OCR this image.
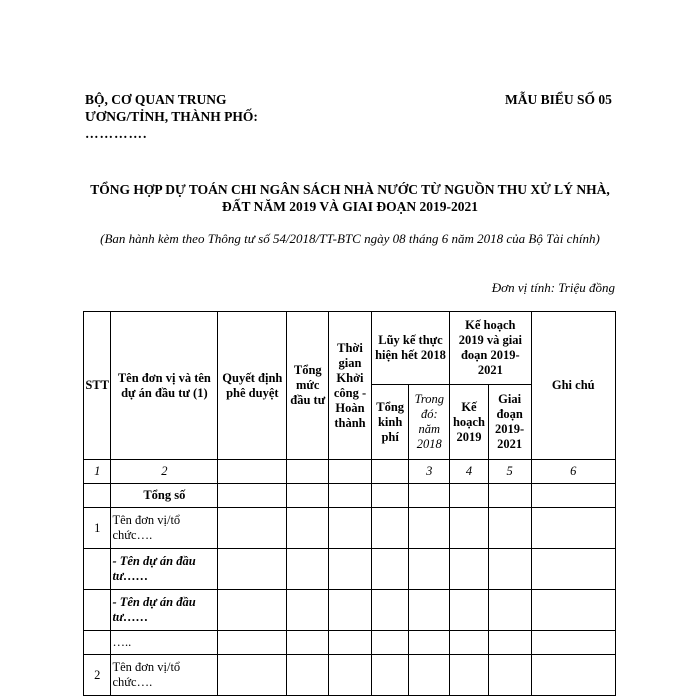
BỘ, CƠ QUAN TRUNG
ƯƠNG/TỈNH, THÀNH PHỐ:
………….
MẪU BIỂU SỐ 05
TỔNG HỢP DỰ TOÁN CHI NGÂN SÁCH NHÀ NƯỚC TỪ NGUỒN THU XỬ LÝ NHÀ, ĐẤT NĂM 2019 VÀ GIAI ĐOẠN 2019-2021
(Ban hành kèm theo Thông tư số 54/2018/TT-BTC ngày 08 tháng 6 năm 2018 của Bộ Tài chính)
Đơn vị tính: Triệu đồng
STT	Tên đơn vị và tên dự án đầu tư (1)	Quyết định phê duyệt	Tổng mức đầu tư	Thời gian Khởi công - Hoàn thành	Lũy kế thực hiện hết 2018		Kế hoạch 2019 và giai đoạn 2019-2021		Ghi chú
					Tổng kinh phí	Trong đó: năm 2018	Kế hoạch 2019	Giai đoạn 2019-2021	
1	2					3	4	5	6
	Tổng số								
1	Tên đơn vị/tổ chức….								
	- Tên dự án đầu tư……								
	- Tên dự án đầu tư……								
	…..								
2	Tên đơn vị/tổ chức….								
